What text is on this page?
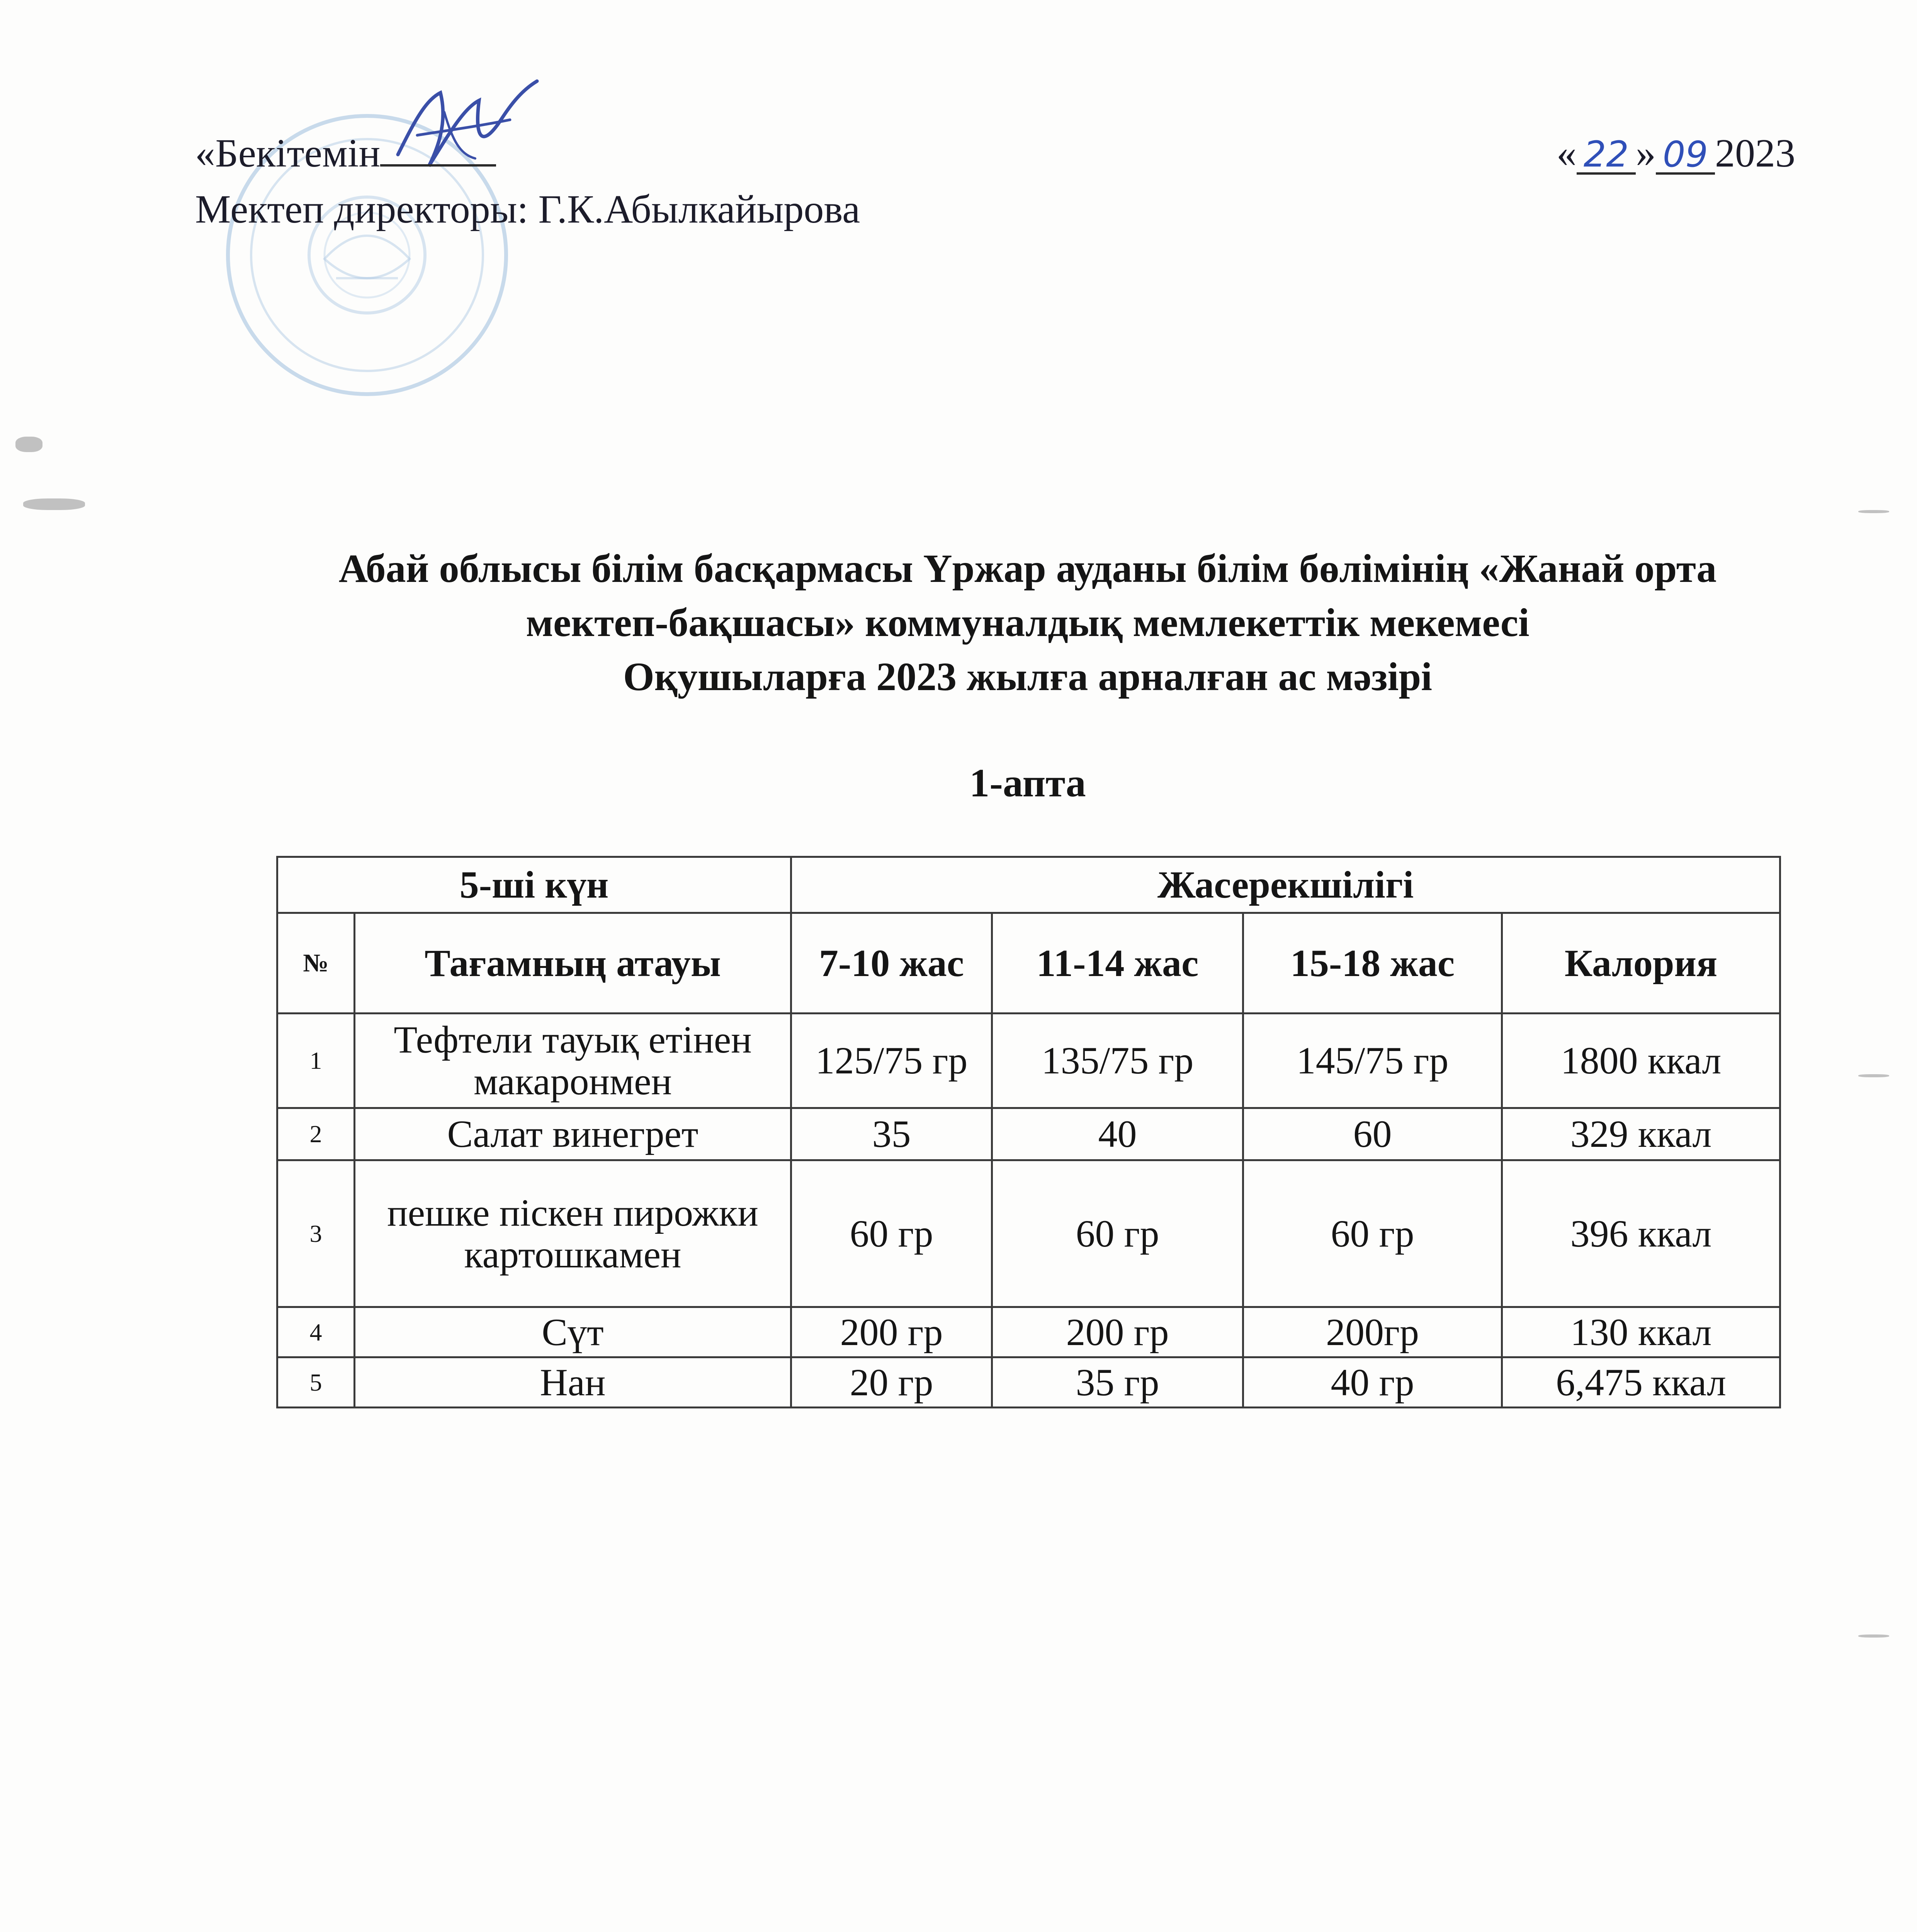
«Бекітемін
Мектеп директоры: Г.К.Абылкайырова
« 22 » 09 2023
Абай облысы білім басқармасы Үржар ауданы білім бөлімінің «Жанай орта
мектеп-бақшасы» коммуналдық мемлекеттік мекемесі
Оқушыларға 2023 жылға арналған ас мәзірі
1-апта
5-ші күн		Жасерекшілігі			
№	Тағамның атауы	7-10 жас	11-14 жас	15-18 жас	Калория
1	Тефтели тауық етінен макаронмен	125/75 гр	135/75 гр	145/75 гр	1800 ккал
2	Салат винегрет	35	40	60	329 ккал
3	пешке піскен пирожки картошкамен	60 гр	60 гр	60 гр	396 ккал
4	Сүт	200 гр	200 гр	200гр	130 ккал
5	Нан	20 гр	35 гр	40 гр	6,475 ккал
